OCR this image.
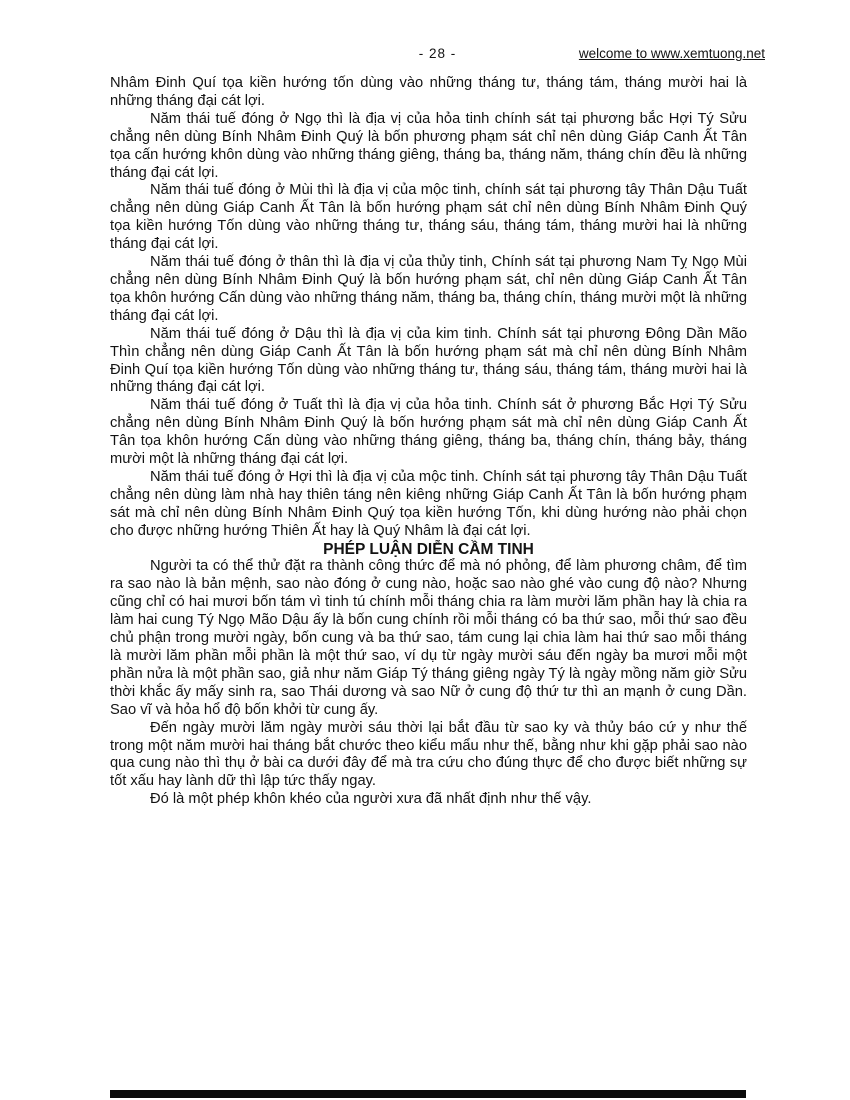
- 28 -	welcome to www.xemtuong.net

Nhâm Đinh Quí tọa kiền hướng tốn dùng vào những tháng tư, tháng tám, tháng mười hai là những tháng đại cát lợi.

Năm thái tuế đóng ở Ngọ thì là địa vị của hỏa tinh chính sát tại phương bắc Hợi Tý Sửu chẳng nên dùng Bính Nhâm Đinh Quý là bốn phương phạm sát chỉ nên dùng Giáp Canh Ất Tân tọa cấn hướng khôn dùng vào những tháng giêng, tháng ba, tháng năm, tháng chín đều là những tháng đại cát lợi.

Năm thái tuế đóng ở Mùi thì là địa vị của mộc tinh, chính sát tại phương tây Thân Dậu Tuất chẳng nên dùng Giáp Canh Ất Tân là bốn hướng phạm sát chỉ nên dùng Bính Nhâm Đinh Quý tọa kiền hướng Tốn dùng vào những tháng tư, tháng sáu, tháng tám, tháng mười hai là những tháng đại cát lợi.

Năm thái tuế đóng ở thân thì là địa vị của thủy tinh, Chính sát tại phương Nam Tỵ Ngọ Mùi chẳng nên dùng Bính Nhâm Đinh Quý là bốn hướng phạm sát, chỉ nên dùng Giáp Canh Ất Tân tọa khôn hướng Cấn dùng vào những tháng năm, tháng ba, tháng chín, tháng mười một là những tháng đại cát lợi.

Năm thái tuế đóng ở Dậu thì là địa vị của kim tinh. Chính sát tại phương Đông Dần Mão Thìn chẳng nên dùng Giáp Canh Ất Tân là bốn hướng phạm sát mà chỉ nên dùng Bính Nhâm Đinh Quí tọa kiền hướng Tốn dùng vào những tháng tư, tháng sáu, tháng tám, tháng mười hai là những tháng đại cát lợi.

Năm thái tuế đóng ở Tuất thì là địa vị của hỏa tinh. Chính sát ở phương Bắc Hợi Tý Sửu chẳng nên dùng Bính Nhâm Đinh Quý là bốn hướng phạm sát mà chỉ nên dùng Giáp Canh Ất Tân tọa khôn hướng Cấn dùng vào những tháng giêng, tháng ba, tháng chín, tháng bảy, tháng mười một là những tháng đại cát lợi.

Năm thái tuế đóng ở Hợi thì là địa vị của mộc tinh. Chính sát tại phương tây Thân Dậu Tuất chẳng nên dùng làm nhà hay thiên táng nên kiêng những Giáp Canh Ất Tân là bốn hướng phạm sát mà chỉ nên dùng Bính Nhâm Đinh Quý tọa kiền hướng Tốn, khi dùng hướng nào phải chọn cho được những hướng Thiên Ất hay là Quý Nhâm là đại cát lợi.

PHÉP LUẬN DIỄN CẦM TINH

Người ta có thể thử đặt ra thành công thức để mà nó phỏng, để làm phương châm, để tìm ra sao nào là bản mệnh, sao nào đóng ở cung nào, hoặc sao nào ghé vào cung độ nào? Nhưng cũng chỉ có hai mươi bốn tám vì tinh tú chính mỗi tháng chia ra làm mười lăm phần hay là chia ra làm hai cung Tý Ngọ Mão Dậu ấy là bốn cung chính rồi mỗi tháng có ba thứ sao, mỗi thứ sao đều chủ phận trong mười ngày, bốn cung và ba thứ sao, tám cung lại chia làm hai thứ sao mỗi tháng là mười lăm phần mỗi phần là một thứ sao, ví dụ từ ngày mười sáu đến ngày ba mươi mỗi một phần nửa là một phần sao, giả như năm Giáp Tý tháng giêng ngày Tý là ngày mồng năm giờ Sửu thời khắc ấy mấy sinh ra, sao Thái dương và sao Nữ ở cung độ thứ tư thì an mạnh ở cung Dần. Sao vĩ và hỏa hổ độ bốn khởi từ cung ấy.

Đến ngày mười lăm ngày mười sáu thời lại bắt đầu từ sao ky và thủy báo cứ y như thế trong một năm mười hai tháng bắt chước theo kiểu mẩu như thế, bằng như khi gặp phải sao nào qua cung nào thì thụ ở bài ca dưới đây để mà tra cứu cho đúng thực để cho được biết những sự tốt xấu hay lành dữ thì lập tức thấy ngay.

Đó là một phép khôn khéo của người xưa đã nhất định như thế vậy.
